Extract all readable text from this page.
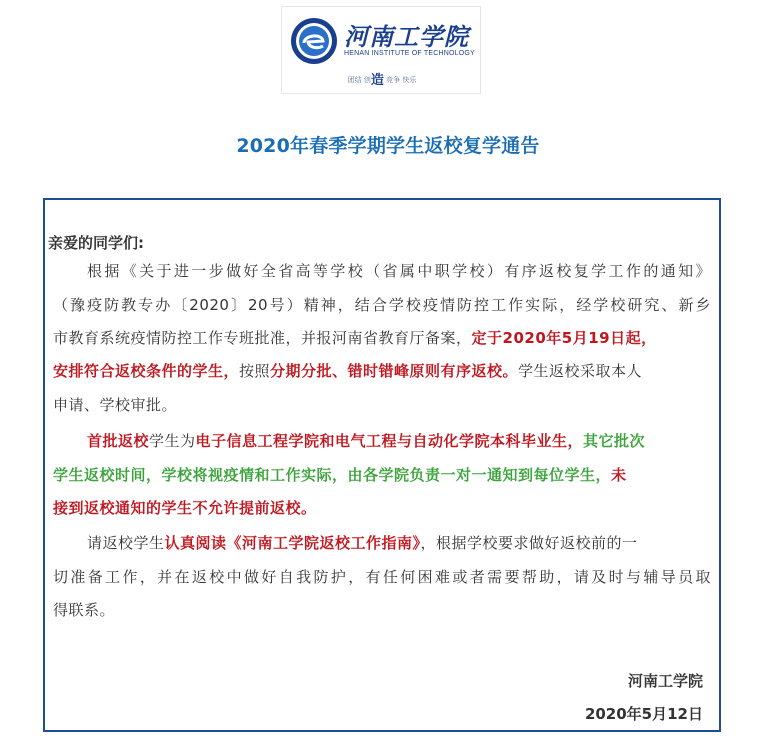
河南工学院
HENAN INSTITUTE OF TECHNOLOGY
团结 创造 竞争 快乐
2020年春季学期学生返校复学通告
亲爱的同学们:
根据《关于进一步做好全省高等学校（省属中职学校）有序返校复学工作的通知》
（豫疫防教专办〔2020〕20号）精神，结合学校疫情防控工作实际，经学校研究、新乡
市教育系统疫情防控工作专班批准，并报河南省教育厅备案，定于2020年5月19日起，
安排符合返校条件的学生，按照分期分批、错时错峰原则有序返校。学生返校采取本人
申请、学校审批。
首批返校学生为电子信息工程学院和电气工程与自动化学院本科毕业生，其它批次
学生返校时间，学校将视疫情和工作实际，由各学院负责一对一通知到每位学生，未
接到返校通知的学生不允许提前返校。
请返校学生认真阅读《河南工学院返校工作指南》，根据学校要求做好返校前的一
切准备工作，并在返校中做好自我防护，有任何困难或者需要帮助，请及时与辅导员取
得联系。
河南工学院
2020年5月12日
